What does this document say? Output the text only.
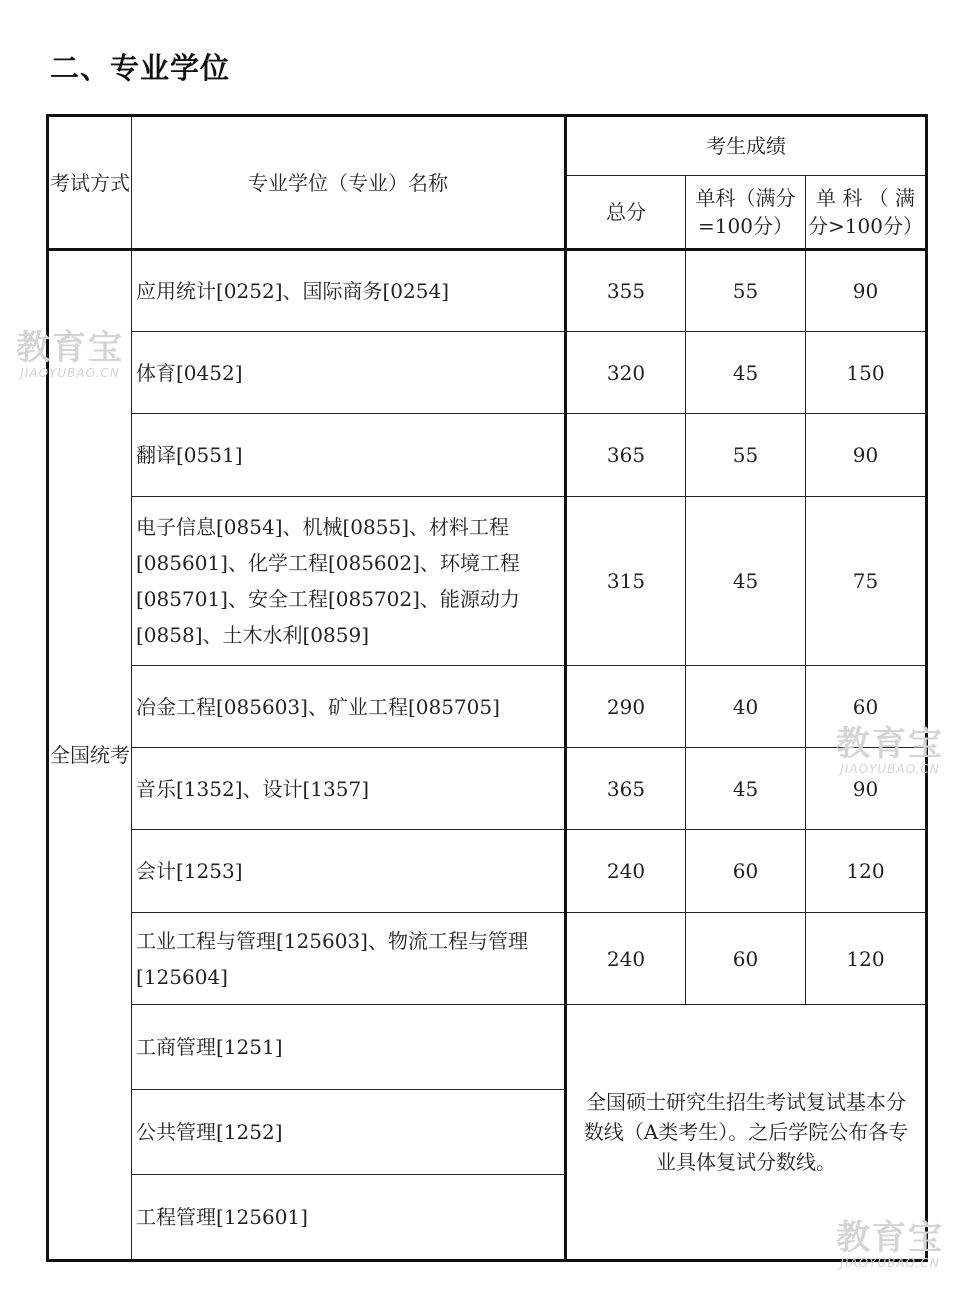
二、专业学位
考试方式	专业学位（专业）名称	考生成绩		
		总分	单科（满分=100分）	单 科 （ 满 分>100分）
全国统考	应用统计[0252]、国际商务[0254]	355	55	90
	体育[0452]	320	45	150
	翻译[0551]	365	55	90
	电子信息[0854]、机械[0855]、材料工程[085601]、化学工程[085602]、环境工程[085701]、安全工程[085702]、能源动力[0858]、土木水利[0859]	315	45	75
	冶金工程[085603]、矿业工程[085705]	290	40	60
	音乐[1352]、设计[1357]	365	45	90
	会计[1253]	240	60	120
	工业工程与管理[125603]、物流工程与管理[125604]	240	60	120
	工商管理[1251]	全国硕士研究生招生考试复试基本分数线（A类考生）。之后学院公布各专业具体复试分数线。		
	公共管理[1252]			
	工程管理[125601]			
教育宝
JIAOYUBAO.CN
教育宝
JIAOYUBAO.CN
教育宝
JIAOYUBAO.CN
